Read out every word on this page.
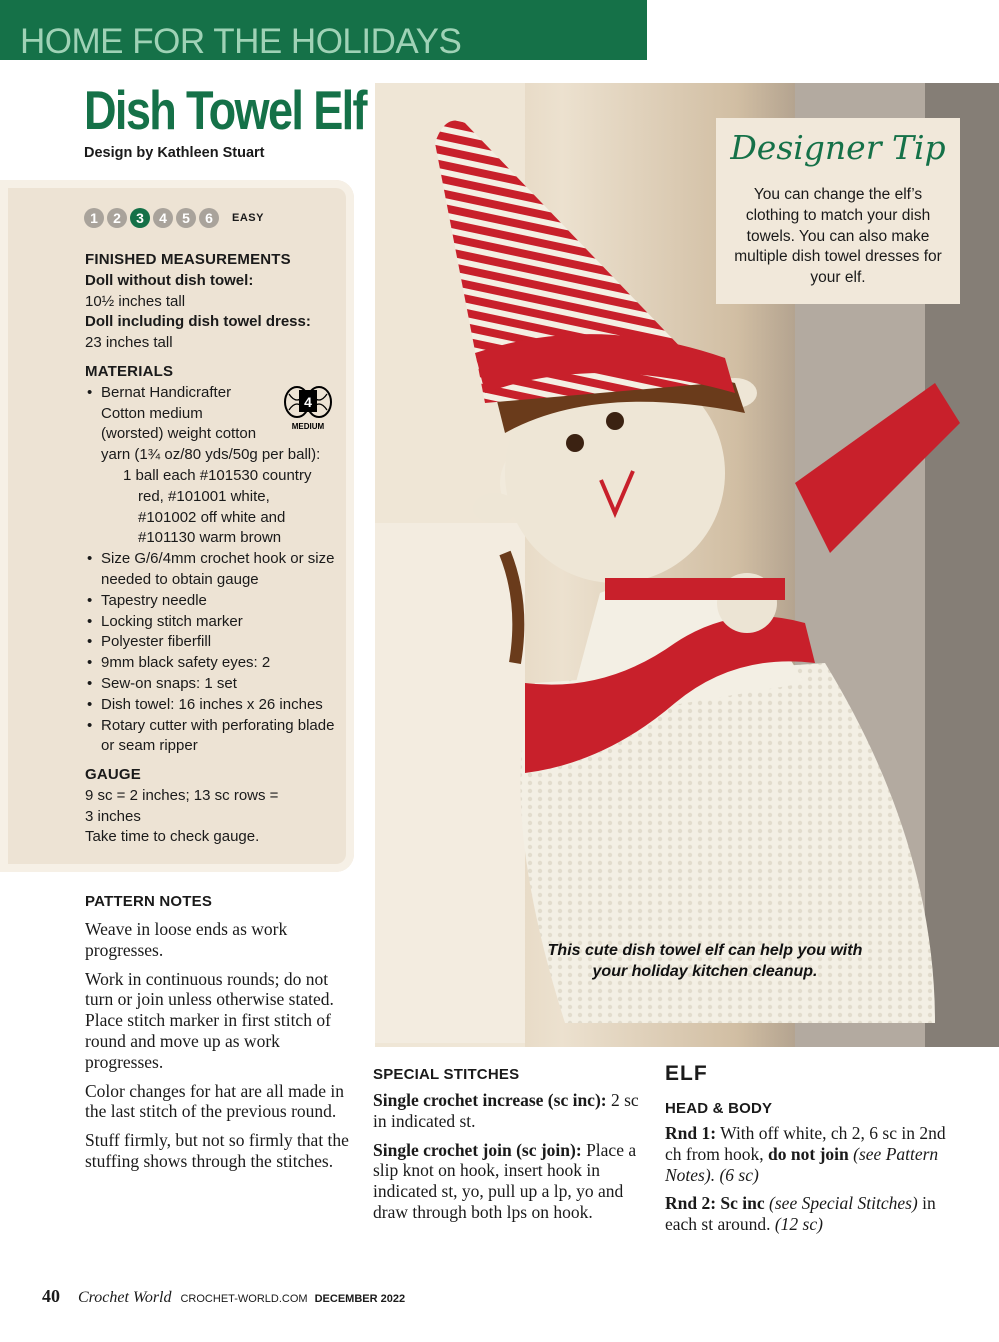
HOME FOR THE HOLIDAYS
Dish Towel Elf
Design by Kathleen Stuart
1	2	3	4	5	6	EASY
FINISHED MEASUREMENTS
Doll without dish towel:
10½ inches tall
Doll including dish towel dress:
23 inches tall
MATERIALS
• Bernat Handicrafter
Cotton medium
(worsted) weight cotton
yarn (1¾ oz/80 yds/50g per ball):
1 ball each #101530 country
red, #101001 white,
#101002 off white and
#101130 warm brown
• Size G/6/4mm crochet hook or size needed to obtain gauge
• Tapestry needle
• Locking stitch marker
• Polyester fiberfill
• 9mm black safety eyes: 2
• Sew-on snaps: 1 set
• Dish towel: 16 inches x 26 inches
• Rotary cutter with perforating blade or seam ripper
4
MEDIUM
GAUGE
9 sc = 2 inches; 13 sc rows =
3 inches
Take time to check gauge.
Designer Tip
You can change the elf’s clothing to match your dish towels. You can also make multiple dish towel dresses for your elf.
This cute dish towel elf can help you with your holiday kitchen cleanup.
PATTERN NOTES

Weave in loose ends as work progresses.

Work in continuous rounds; do not turn or join unless otherwise stated. Place stitch marker in first stitch of round and move up as work progresses.

Color changes for hat are all made in the last stitch of the previous round.

Stuff firmly, but not so firmly that the stuffing shows through the stitches.

SPECIAL STITCHES

Single crochet increase (sc inc): 2 sc in indicated st.

Single crochet join (sc join): Place a slip knot on hook, insert hook in indicated st, yo, pull up a lp, yo and draw through both lps on hook.

ELF
HEAD & BODY

Rnd 1: With off white, ch 2, 6 sc in 2nd ch from hook, do not join (see Pattern Notes). (6 sc)

Rnd 2: Sc inc (see Special Stitches) in each st around. (12 sc)

40 Crochet World CROCHET-WORLD.COM DECEMBER 2022
